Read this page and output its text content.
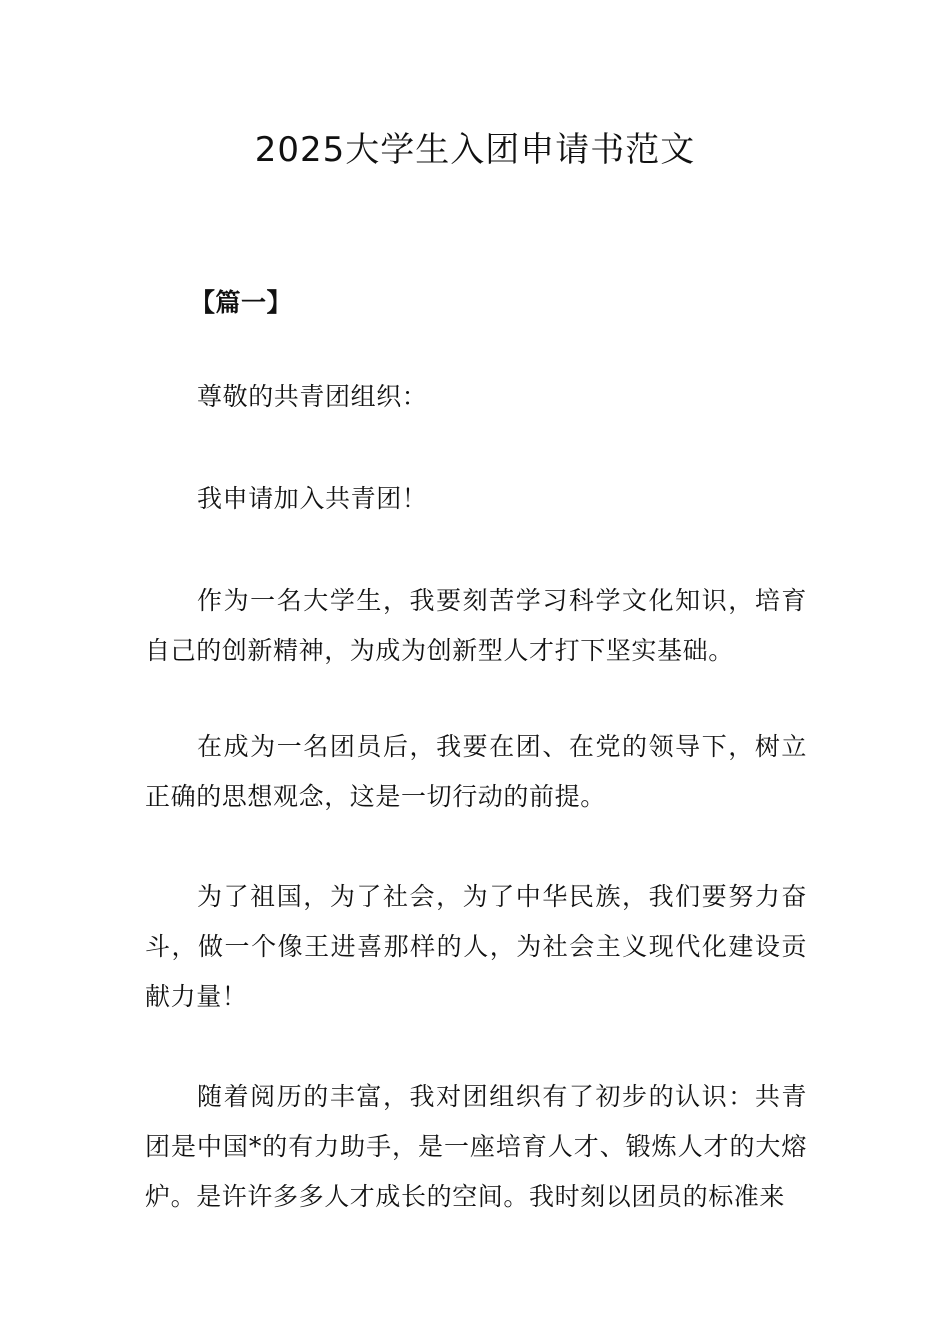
2025大学生入团申请书范文
【篇一】

尊敬的共青团组织：

我申请加入共青团！

作为一名大学生，我要刻苦学习科学文化知识，培育自己的创新精神，为成为创新型人才打下坚实基础。

在成为一名团员后，我要在团、在党的领导下，树立正确的思想观念，这是一切行动的前提。

为了祖国，为了社会，为了中华民族，我们要努力奋斗，做一个像王进喜那样的人，为社会主义现代化建设贡献力量！

随着阅历的丰富，我对团组织有了初步的认识：共青团是中国*的有力助手，是一座培育人才、锻炼人才的大熔炉。是许许多多人才成长的空间。我时刻以团员的标准来
